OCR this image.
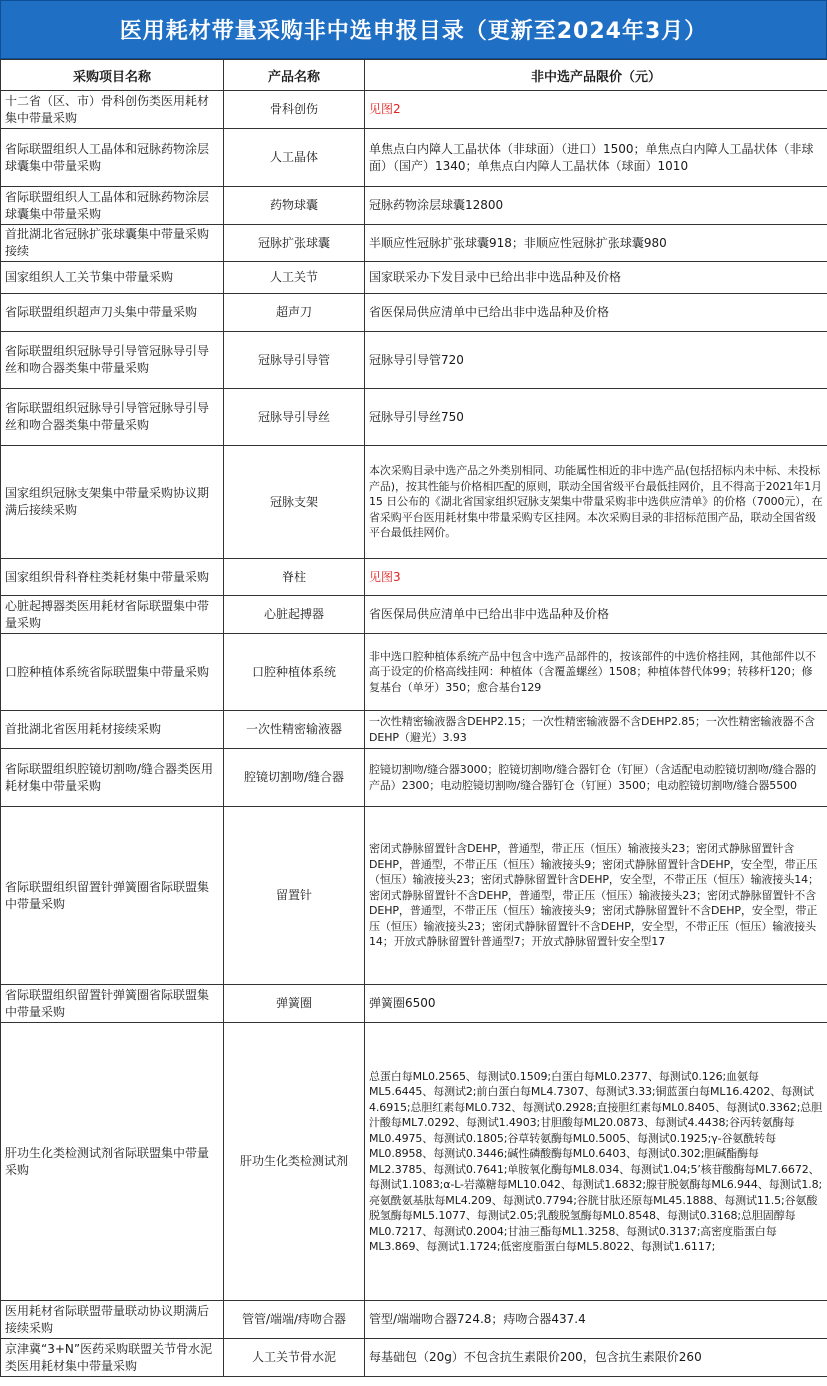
医用耗材带量采购非中选申报目录（更新至2024年3月）
采购项目名称	产品名称	非中选产品限价（元）
十二省（区、市）骨科创伤类医用耗材集中带量采购	骨科创伤	见图2
省际联盟组织人工晶体和冠脉药物涂层球囊集中带量采购	人工晶体	单焦点白内障人工晶状体（非球面）（进口）1500；单焦点白内障人工晶状体（非球面）（国产）1340；单焦点白内障人工晶状体（球面）1010
省际联盟组织人工晶体和冠脉药物涂层球囊集中带量采购	药物球囊	冠脉药物涂层球囊12800
首批湖北省冠脉扩张球囊集中带量采购接续	冠脉扩张球囊	半顺应性冠脉扩张球囊918；非顺应性冠脉扩张球囊980
国家组织人工关节集中带量采购	人工关节	国家联采办下发目录中已给出非中选品种及价格
省际联盟组织超声刀头集中带量采购	超声刀	省医保局供应清单中已给出非中选品种及价格
省际联盟组织冠脉导引导管冠脉导引导丝和吻合器类集中带量采购	冠脉导引导管	冠脉导引导管720
省际联盟组织冠脉导引导管冠脉导引导丝和吻合器类集中带量采购	冠脉导引导丝	冠脉导引导丝750
国家组织冠脉支架集中带量采购协议期满后接续采购	冠脉支架	本次采购目录中选产品之外类别相同、功能属性相近的非中选产品(包括招标内未中标、未投标产品)，按其性能与价格相匹配的原则，联动全国省级平台最低挂网价，且不得高于2021年1月15 日公布的《湖北省国家组织冠脉支架集中带量采购非中选供应清单》的价格（7000元），在省采购平台医用耗材集中带量采购专区挂网。本次采购目录的非招标范围产品，联动全国省级平台最低挂网价。
国家组织骨科脊柱类耗材集中带量采购	脊柱	见图3
心脏起搏器类医用耗材省际联盟集中带量采购	心脏起搏器	省医保局供应清单中已给出非中选品种及价格
口腔种植体系统省际联盟集中带量采购	口腔种植体系统	非中选口腔种植体系统产品中包含中选产品部件的，按该部件的中选价格挂网，其他部件以不高于设定的价格高线挂网：种植体（含覆盖螺丝）1508；种植体替代体99；转移杆120；修复基台（单牙）350；愈合基台129
首批湖北省医用耗材接续采购	一次性精密输液器	一次性精密输液器含DEHP2.15；一次性精密输液器不含DEHP2.85；一次性精密输液器不含DEHP（避光）3.93
省际联盟组织腔镜切割吻/缝合器类医用耗材集中带量采购	腔镜切割吻/缝合器	腔镜切割吻/缝合器3000；腔镜切割吻/缝合器钉仓（钉匣）（含适配电动腔镜切割吻/缝合器的产品）2300；电动腔镜切割吻/缝合器钉仓（钉匣）3500；电动腔镜切割吻/缝合器5500
省际联盟组织留置针弹簧圈省际联盟集中带量采购	留置针	密闭式静脉留置针含DEHP，普通型，带正压（恒压）输液接头23；密闭式静脉留置针含DEHP，普通型，不带正压（恒压）输液接头9；密闭式静脉留置针含DEHP，安全型，带正压（恒压）输液接头23；密闭式静脉留置针含DEHP，安全型，不带正压（恒压）输液接头14；密闭式静脉留置针不含DEHP，普通型，带正压（恒压）输液接头23；密闭式静脉留置针不含DEHP，普通型，不带正压（恒压）输液接头9；密闭式静脉留置针不含DEHP，安全型，带正压（恒压）输液接头23；密闭式静脉留置针不含DEHP，安全型，不带正压（恒压）输液接头14；开放式静脉留置针普通型7；开放式静脉留置针安全型17
省际联盟组织留置针弹簧圈省际联盟集中带量采购	弹簧圈	弹簧圈6500
肝功生化类检测试剂省际联盟集中带量采购	肝功生化类检测试剂	总蛋白每ML0.2565、每测试0.1509;白蛋白每ML0.2377、每测试0.126;血氨每ML5.6445、每测试2;前白蛋白每ML4.7307、每测试3.33;铜蓝蛋白每ML16.4202、每测试4.6915;总胆红素每ML0.732、每测试0.2928;直接胆红素每ML0.8405、每测试0.3362;总胆汁酸每ML7.0292、每测试1.4903;甘胆酸每ML20.0873、每测试4.4438;谷丙转氨酶每ML0.4975、每测试0.1805;谷草转氨酶每ML0.5005、每测试0.1925;γ-谷氨酰转每ML0.8958、每测试0.3446;碱性磷酸酶每ML0.6403、每测试0.302;胆碱酯酶每ML2.3785、每测试0.7641;单胺氧化酶每ML8.034、每测试1.04;5’核苷酸酶每ML7.6672、每测试1.1083;α-L-岩藻糖每ML10.042、每测试1.6832;腺苷脱氨酶每ML6.944、每测试1.8;亮氨酰氨基肽每ML4.209、每测试0.7794;谷胱甘肽还原每ML45.1888、每测试11.5;谷氨酸脱氢酶每ML5.1077、每测试2.05;乳酸脱氢酶每ML0.8548、每测试0.3168;总胆固醇每ML0.7217、每测试0.2004;甘油三酯每ML1.3258、每测试0.3137;高密度脂蛋白每ML3.869、每测试1.1724;低密度脂蛋白每ML5.8022、每测试1.6117;
医用耗材省际联盟带量联动协议期满后接续采购	管管/端端/痔吻合器	管型/端端吻合器724.8；痔吻合器437.4
京津冀“3+N”医药采购联盟关节骨水泥类医用耗材集中带量采购	人工关节骨水泥	每基础包（20g）不包含抗生素限价200，包含抗生素限价260
